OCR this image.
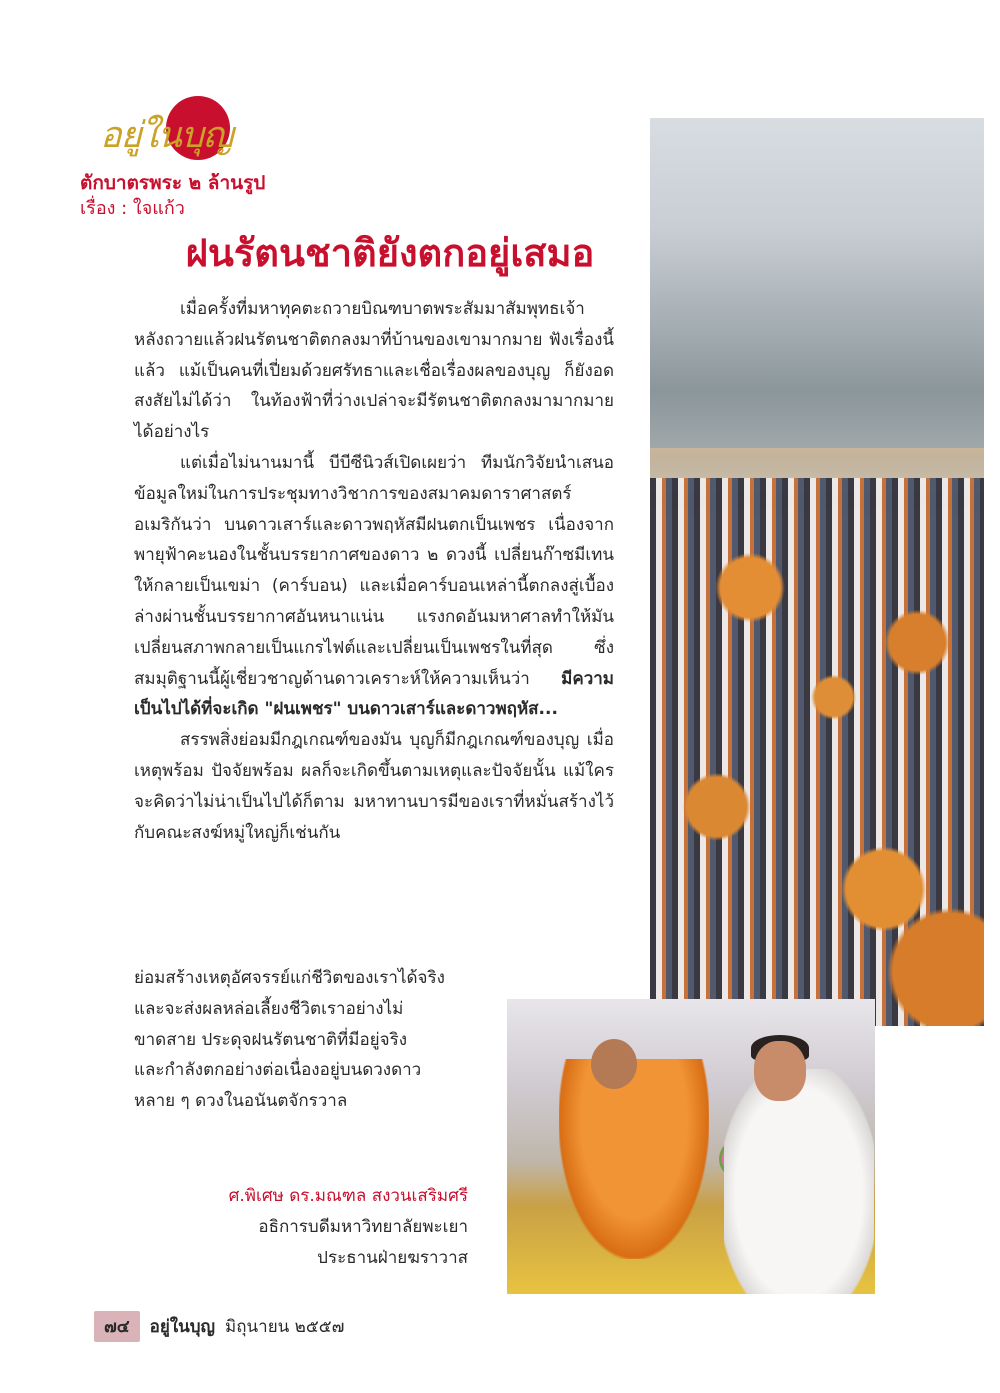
อยู่ในบุญ
ตักบาตรพระ ๒ ล้านรูป
เรื่อง : ใจแก้ว
ฝนรัตนชาติยังตกอยู่เสมอ

เมื่อครั้งที่มหาทุคตะถวายบิณฑบาตพระสัมมาสัมพุทธเจ้า หลังถวายแล้วฝนรัตนชาติตกลงมาที่บ้านของเขามากมาย ฟังเรื่องนี้แล้ว แม้เป็นคนที่เปี่ยมด้วยศรัทธาและเชื่อเรื่องผลของบุญ ก็ยังอดสงสัยไม่ได้ว่า ในท้องฟ้าที่ว่างเปล่าจะมีรัตนชาติตกลงมามากมายได้อย่างไร

แต่เมื่อไม่นานมานี้ บีบีซีนิวส์เปิดเผยว่า ทีมนักวิจัยนำเสนอข้อมูลใหม่ในการประชุมทางวิชาการของสมาคมดาราศาสตร์อเมริกันว่า บนดาวเสาร์และดาวพฤหัสมีฝนตกเป็นเพชร เนื่องจากพายุฟ้าคะนองในชั้นบรรยากาศของดาว ๒ ดวงนี้ เปลี่ยนก๊าซมีเทนให้กลายเป็นเขม่า (คาร์บอน) และเมื่อคาร์บอนเหล่านี้ตกลงสู่เบื้องล่างผ่านชั้นบรรยากาศอันหนาแน่น แรงกดอันมหาศาลทำให้มันเปลี่ยนสภาพกลายเป็นแกรไฟต์และเปลี่ยนเป็นเพชรในที่สุด ซึ่งสมมุติฐานนี้ผู้เชี่ยวชาญด้านดาวเคราะห์ให้ความเห็นว่า มีความเป็นไปได้ที่จะเกิด "ฝนเพชร" บนดาวเสาร์และดาวพฤหัส...

สรรพสิ่งย่อมมีกฎเกณฑ์ของมัน บุญก็มีกฎเกณฑ์ของบุญ เมื่อเหตุพร้อม ปัจจัยพร้อม ผลก็จะเกิดขึ้นตามเหตุและปัจจัยนั้น แม้ใครจะคิดว่าไม่น่าเป็นไปได้ก็ตาม มหาทานบารมีของเราที่หมั่นสร้างไว้กับคณะสงฆ์หมู่ใหญ่ก็เช่นกัน

ย่อมสร้างเหตุอัศจรรย์แก่ชีวิตของเราได้จริง
และจะส่งผลหล่อเลี้ยงชีวิตเราอย่างไม่
ขาดสาย ประดุจฝนรัตนชาติที่มีอยู่จริง
และกำลังตกอย่างต่อเนื่องอยู่บนดวงดาว
หลาย ๆ ดวงในอนันตจักรวาล
ศ.พิเศษ ดร.มณฑล สงวนเสริมศรี
อธิการบดีมหาวิทยาลัยพะเยา
ประธานฝ่ายฆราวาส
๗๔	อยู่ในบุญ มิถุนายน ๒๕๕๗
